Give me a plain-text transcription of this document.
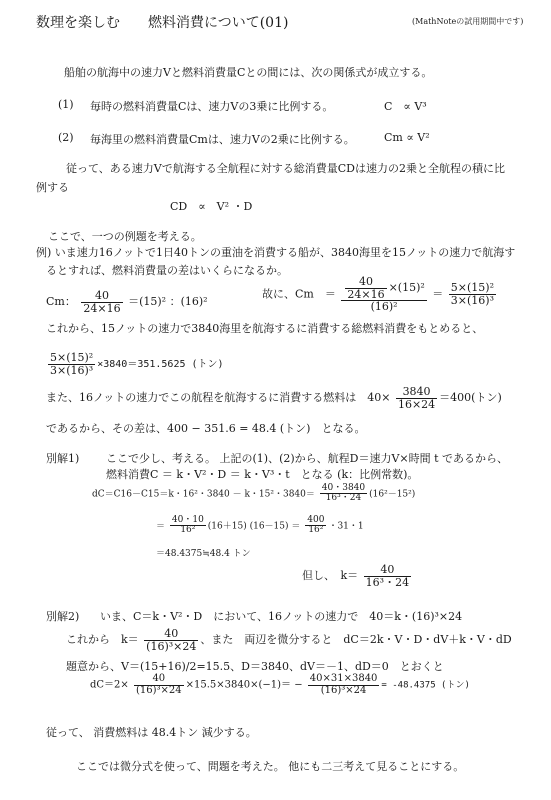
数理を楽しむ　　燃料消費について(01)	(MathNoteの試用期間中です)
船舶の航海中の速力Vと燃料消費量Cとの間には、次の関係式が成立する。
(1) 毎時の燃料消費量Cは、速力Vの3乗に比例する。	C　∝ V³
(2) 毎海里の燃料消費量Cmは、速力Vの2乗に比例する。	Cm ∝ V²
従って、ある速力Vで航海する全航程に対する総消費量CDは速力の2乗と全航程の積に比
例する
CD　∝　V² ・D
ここで、一つの例題を考える。
例) いま速力16ノットで1日40トンの重油を消費する船が、3840海里を15ノットの速力で航海す
るとすれば、燃料消費量の差はいくらになるか。
Cm： $\frac{40}{24\times 16} =(15)^2$ ：(16)²
故に、Cm　＝ $\frac{\frac{40}{24\times 16} \times(15)^2}{\text{(16)²}} = \frac{\text{5×(15)²}}{\text{3×(16)³}}$
これから、15ノットの速力で3840海里を航海するに消費する総燃料消費をもとめると、
$\frac{\text{5×(15)²}}{\text{3×(16)³}} \times 3840=351.5625$ (トン)
また、16ノットの速力でこの航程を航海するに消費する燃料は　$40\times \frac{3840}{16\times 24} =400$(トン)
であるから、その差は、400 − 351.6 = 48.4 (トン)　となる。
別解1) ここで少し、考える。 上記の(1)、(2)から、航程D＝速力V×時間 t であるから、
燃料消費C ＝ k・V²・D ＝ k・V³・t　となる (k：比例常数)。
dC＝C16－C15＝k・16²・3840 － k・15²・$3840= \frac{40・3840}{\text{16³・24}} (16^2-15^2)$
＝ $\frac{40・10}{\text{16²}} (16+15) (16-15) = \frac{400}{\text{16²}}$ ・31・1
＝48.4375≒48.4 トン
但し、　$k= \frac{40}{\text{16³・24}}$
別解2) いま、C＝k・V²・D　において、16ノットの速力で　40＝k・(16)³×24
これから　$k= \frac{40}{\text{(16)³×24}}$ 、また　両辺を微分すると　dC＝2k・V・D・dV＋k・V・dD
題意から、V＝(15+16)/2=15.5、D＝3840、dV＝－1、dD＝0　とおくと
$dC=2\times \frac{40}{\text{(16)³×24}} \times 15.5\times 3840\times(-1)= - \frac{40\times 31\times 3840}{\text{(16)³×24}} = -48.4375$ (トン)
従って、 消費燃料は 48.4トン 減少する。
ここでは微分式を使って、問題を考えた。 他にも二三考えて見ることにする。
